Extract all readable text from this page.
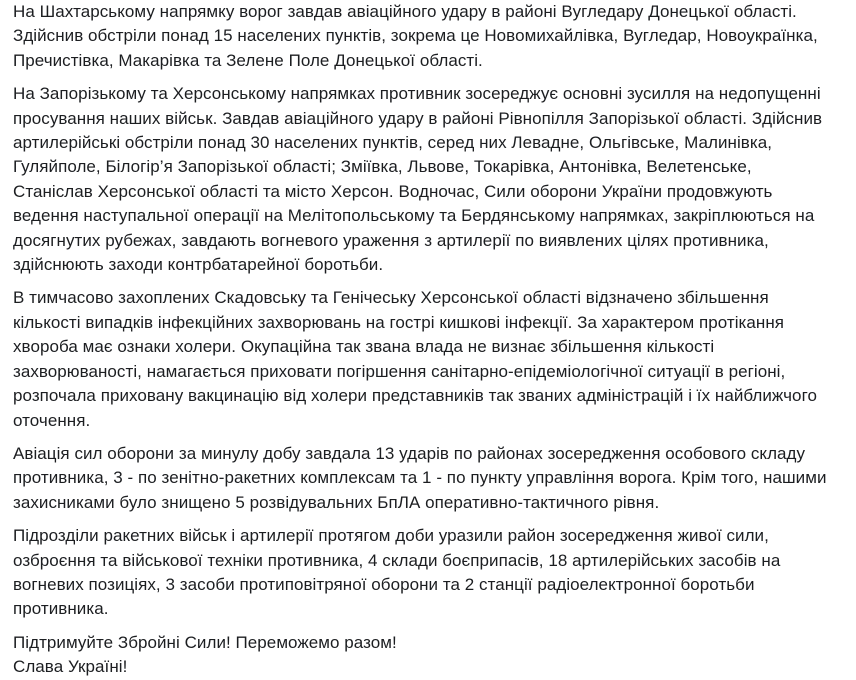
На Шахтарському напрямку ворог завдав авіаційного удару в районі Вугледару Донецької області.
Здійснив обстріли понад 15 населених пунктів, зокрема це Новомихайлівка, Вугледар, Новоукраїнка,
Пречистівка, Макарівка та Зелене Поле Донецької області.

На Запорізькому та Херсонському напрямках противник зосереджує основні зусилля на недопущенні
просування наших військ. Завдав авіаційного удару в районі Рівнопілля Запорізької області. Здійснив
артилерійські обстріли понад 30 населених пунктів, серед них Левадне, Ольгівське, Малинівка,
Гуляйполе, Білогір’я Запорізької області; Зміївка, Львове, Токарівка, Антонівка, Велетенське,
Станіслав Херсонської області та місто Херсон. Водночас, Сили оборони України продовжують
ведення наступальної операції на Мелітопольському та Бердянському напрямках, закріплюються на
досягнутих рубежах, завдають вогневого ураження з артилерії по виявлених цілях противника,
здійснюють заходи контрбатарейної боротьби.

В тимчасово захоплених Скадовську та Генічеську Херсонської області відзначено збільшення
кількості випадків інфекційних захворювань на гострі кишкові інфекції. За характером протікання
хвороба має ознаки холери. Окупаційна так звана влада не визнає збільшення кількості
захворюваності, намагається приховати погіршення санітарно-епідеміологічної ситуації в регіоні,
розпочала приховану вакцинацію від холери представників так званих адміністрацій і їх найближчого
оточення.

Авіація сил оборони за минулу добу завдала 13 ударів по районах зосередження особового складу
противника, 3 - по зенітно-ракетних комплексам та 1 - по пункту управління ворога. Крім того, нашими
захисниками було знищено 5 розвідувальних БпЛА оперативно-тактичного рівня.

Підрозділи ракетних військ і артилерії протягом доби уразили район зосередження живої сили,
озброєння та військової техніки противника, 4 склади боєприпасів, 18 артилерійських засобів на
вогневих позиціях, 3 засоби протиповітряної оборони та 2 станції радіоелектронної боротьби
противника.

Підтримуйте Збройні Сили! Переможемо разом!
Слава Україні!
